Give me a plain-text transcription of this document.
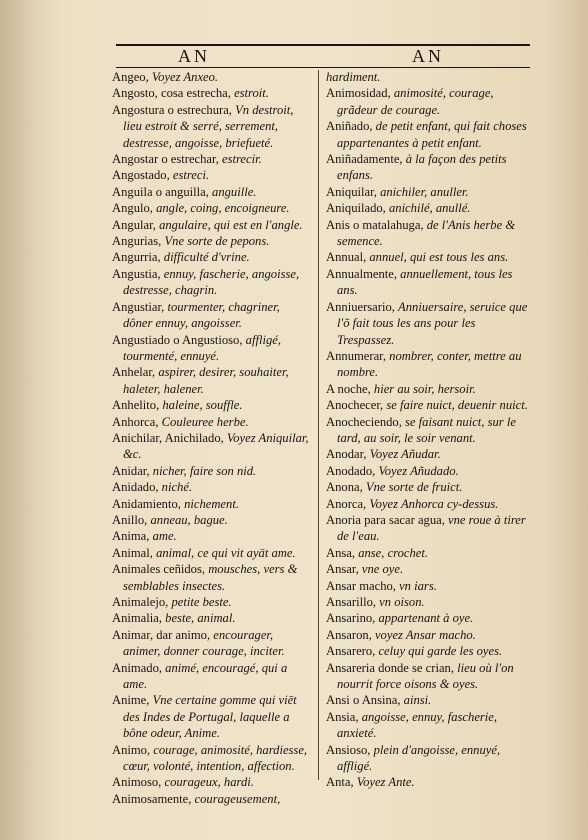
AN	AN

Angeo, Voyez Anxeo.

Angosto, cosa estrecha, estroit.

Angostura o estrechura, Vn destroit, lieu estroit & serré, serrement, destresse, angoisse, briefueté.

Angostar o estrechar, estrecir.

Angostado, estreci.

Anguila o anguilla, anguille.

Angulo, angle, coing, encoigneure.

Angular, angulaire, qui est en l'angle.

Angurias, Vne sorte de pepons.

Angurria, difficulté d'vrine.

Angustia, ennuy, fascherie, angoisse, destresse, chagrin.

Angustiar, tourmenter, chagriner, dôner ennuy, angoisser.

Angustiado o Angustioso, affligé, tourmenté, ennuyé.

Anhelar, aspirer, desirer, souhaiter, haleter, halener.

Anhelito, haleine, souffle.

Anhorca, Couleuree herbe.

Anichilar, Anichilado, Voyez Aniquilar, &c.

Anidar, nicher, faire son nid.

Anidado, niché.

Anidamiento, nichement.

Anillo, anneau, bague.

Anima, ame.

Animal, animal, ce qui vit ayāt ame.

Animales ceñidos, mousches, vers & semblables insectes.

Animalejo, petite beste.

Animalia, beste, animal.

Animar, dar animo, encourager, animer, donner courage, inciter.

Animado, animé, encouragé, qui a ame.

Anime, Vne certaine gomme qui viēt des Indes de Portugal, laquelle a bône odeur, Anime.

Animo, courage, animosité, hardiesse, cœur, volonté, intention, affection.

Animoso, courageux, hardi.

Animosamente, courageusement,

hardiment.

Animosidad, animosité, courage, grãdeur de courage.

Aniñado, de petit enfant, qui fait choses appartenantes à petit enfant.

Aniñadamente, à la façon des petits enfans.

Aniquilar, anichiler, anuller.

Aniquilado, anichilé, anullé.

Anis o matalahuga, de l'Anis herbe & semence.

Annual, annuel, qui est tous les ans.

Annualmente, annuellement, tous les ans.

Anniuersario, Anniuersaire, seruice que l'õ fait tous les ans pour les Trespassez.

Annumerar, nombrer, conter, mettre au nombre.

A noche, hier au soir, hersoir.

Anochecer, se faire nuict, deuenir nuict.

Anocheciendo, se faisant nuict, sur le tard, au soir, le soir venant.

Anodar, Voyez Añudar.

Anodado, Voyez Añudado.

Anona, Vne sorte de fruict.

Anorca, Voyez Anhorca cy-dessus.

Anoria para sacar agua, vne roue à tirer de l'eau.

Ansa, anse, crochet.

Ansar, vne oye.

Ansar macho, vn iars.

Ansarillo, vn oison.

Ansarino, appartenant à oye.

Ansaron, voyez Ansar macho.

Ansarero, celuy qui garde les oyes.

Ansareria donde se crian, lieu où l'on nourrit force oisons & oyes.

Ansi o Ansina, ainsi.

Ansia, angoisse, ennuy, fascherie, anxieté.

Ansioso, plein d'angoisse, ennuyé, affligé.

Anta, Voyez Ante.
